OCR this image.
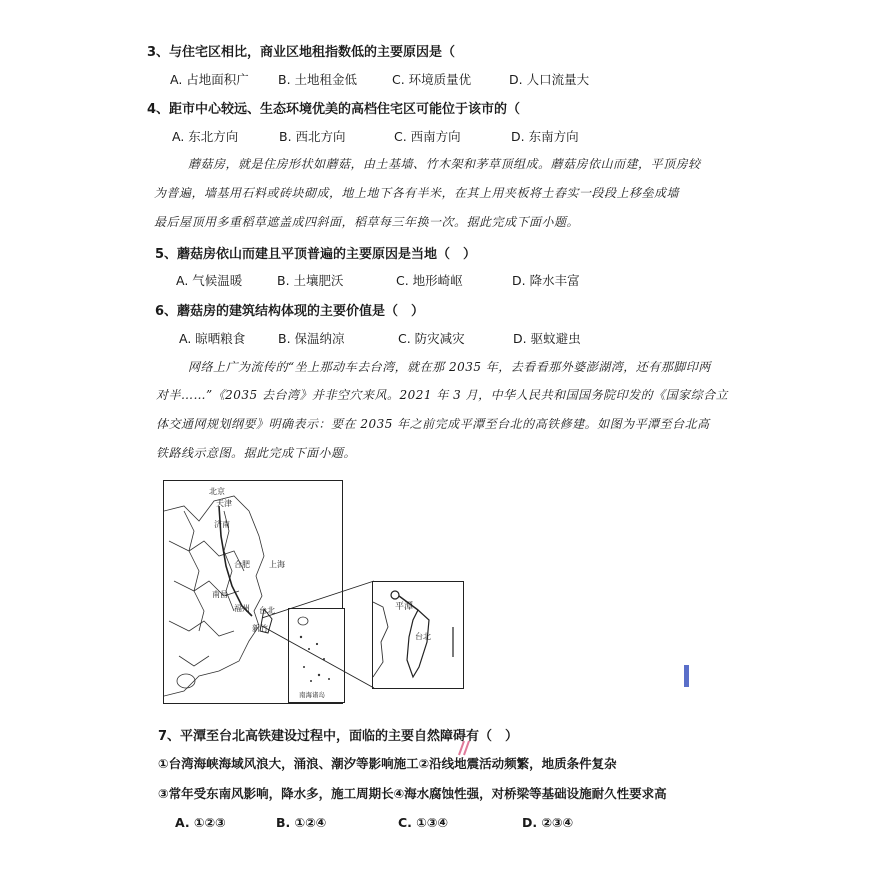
3、与住宅区相比，商业区地租指数低的主要原因是（
A. 占地面积广 B. 土地租金低	C. 环境质量优	D. 人口流量大
4、距市中心较远、生态环境优美的高档住宅区可能位于该市的（
A. 东北方向	B. 西北方向	C. 西南方向	D. 东南方向
蘑菇房，就是住房形状如蘑菇，由土基墙、竹木架和茅草顶组成。蘑菇房依山而建，平顶房较
为普遍，墙基用石料或砖块砌成，地上地下各有半米，在其上用夹板将土舂实一段段上移垒成墙
最后屋顶用多重稻草遮盖成四斜面，稻草每三年换一次。据此完成下面小题。
5、蘑菇房依山而建且平顶普遍的主要原因是当地（　）
A. 气候温暖	B. 土壤肥沃	C. 地形崎岖	D. 降水丰富
6、蘑菇房的建筑结构体现的主要价值是（　）
A. 晾晒粮食	B. 保温纳凉	C. 防灾减灾	D. 驱蚊避虫
网络上广为流传的“坐上那动车去台湾，就在那 2035 年，去看看那外婆澎湖湾，还有那脚印两
对半……”《2035 去台湾》并非空穴来风。2021 年 3 月，中华人民共和国国务院印发的《国家综合立
体交通网规划纲要》明确表示：要在 2035 年之前完成平潭至台北的高铁修建。如图为平潭至台北高
铁路线示意图。据此完成下面小题。
北京
天津
济南
上海
合肥
福州 台北
南昌
新竹
南海诸岛
平潭
台北
7、平潭至台北高铁建设过程中，面临的主要自然障碍有（　）
①台湾海峡海域风浪大，涌浪、潮汐等影响施工②沿线地震活动频繁，地质条件复杂
③常年受东南风影响，降水多，施工周期长④海水腐蚀性强，对桥梁等基础设施耐久性要求高
A. ①②③	B. ①②④	C. ①③④	D. ②③④
